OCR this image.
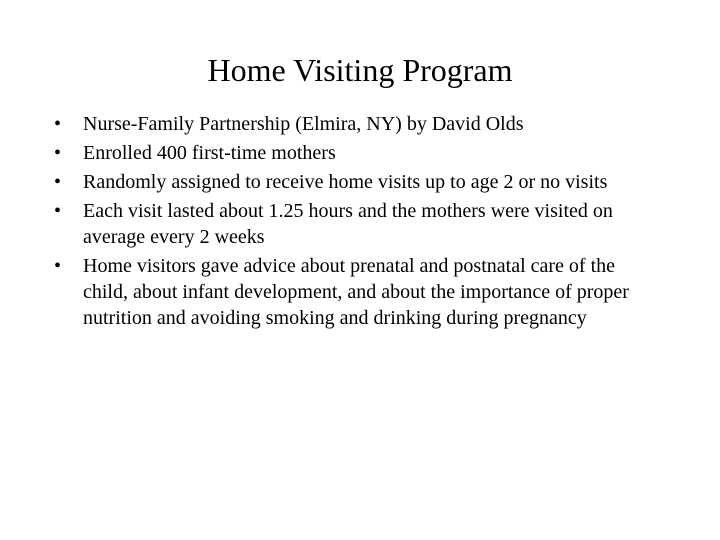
Home Visiting Program
•	Nurse-Family Partnership (Elmira, NY) by David Olds
•	Enrolled 400 first-time mothers
•	Randomly assigned to receive home visits up to age 2 or no visits
•	Each visit lasted about 1.25 hours and the mothers were visited on average every 2 weeks
•	Home visitors gave advice about prenatal and postnatal care of the child, about infant development, and about the importance of proper nutrition and avoiding smoking and drinking during pregnancy
